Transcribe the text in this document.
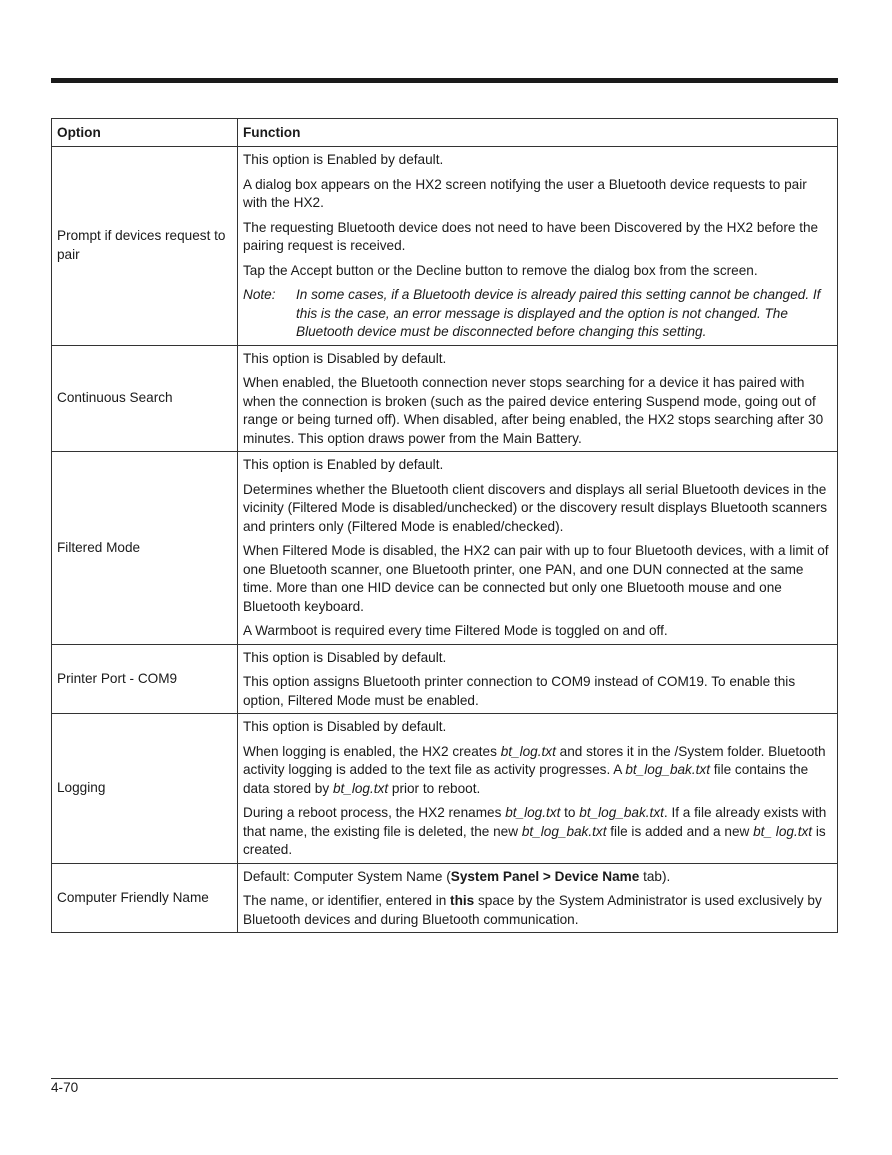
Option	Function
Prompt if devices request to pair	This option is Enabled by default.

A dialog box appears on the HX2 screen notifying the user a Bluetooth device requests to pair with the HX2.

The requesting Bluetooth device does not need to have been Discovered by the HX2 before the pairing request is received.

Tap the Accept button or the Decline button to remove the dialog box from the screen.

Note: In some cases, if a Bluetooth device is already paired this setting cannot be changed. If this is the case, an error message is displayed and the option is not changed. The Bluetooth device must be disconnected before changing this setting.

Continuous Search	This option is Disabled by default.

When enabled, the Bluetooth connection never stops searching for a device it has paired with when the connection is broken (such as the paired device entering Suspend mode, going out of range or being turned off). When disabled, after being enabled, the HX2 stops searching after 30 minutes. This option draws power from the Main Battery.

Filtered Mode	This option is Enabled by default.

Determines whether the Bluetooth client discovers and displays all serial Bluetooth devices in the vicinity (Filtered Mode is disabled/unchecked) or the discovery result displays Bluetooth scanners and printers only (Filtered Mode is enabled/checked).

When Filtered Mode is disabled, the HX2 can pair with up to four Bluetooth devices, with a limit of one Bluetooth scanner, one Bluetooth printer, one PAN, and one DUN connected at the same time. More than one HID device can be connected but only one Bluetooth mouse and one Bluetooth keyboard.

A Warmboot is required every time Filtered Mode is toggled on and off.

Printer Port - COM9	This option is Disabled by default.

This option assigns Bluetooth printer connection to COM9 instead of COM19. To enable this option, Filtered Mode must be enabled.

Logging	This option is Disabled by default.

When logging is enabled, the HX2 creates bt_log.txt and stores it in the /System folder. Bluetooth activity logging is added to the text file as activity progresses. A bt_log_bak.txt file contains the data stored by bt_log.txt prior to reboot.

During a reboot process, the HX2 renames bt_log.txt to bt_log_bak.txt. If a file already exists with that name, the existing file is deleted, the new bt_log_bak.txt file is added and a new bt_ log.txt is created.

Computer Friendly Name	Default: Computer System Name (System Panel > Device Name tab).

The name, or identifier, entered in this space by the System Administrator is used exclusively by Bluetooth devices and during Bluetooth communication.

4-70
